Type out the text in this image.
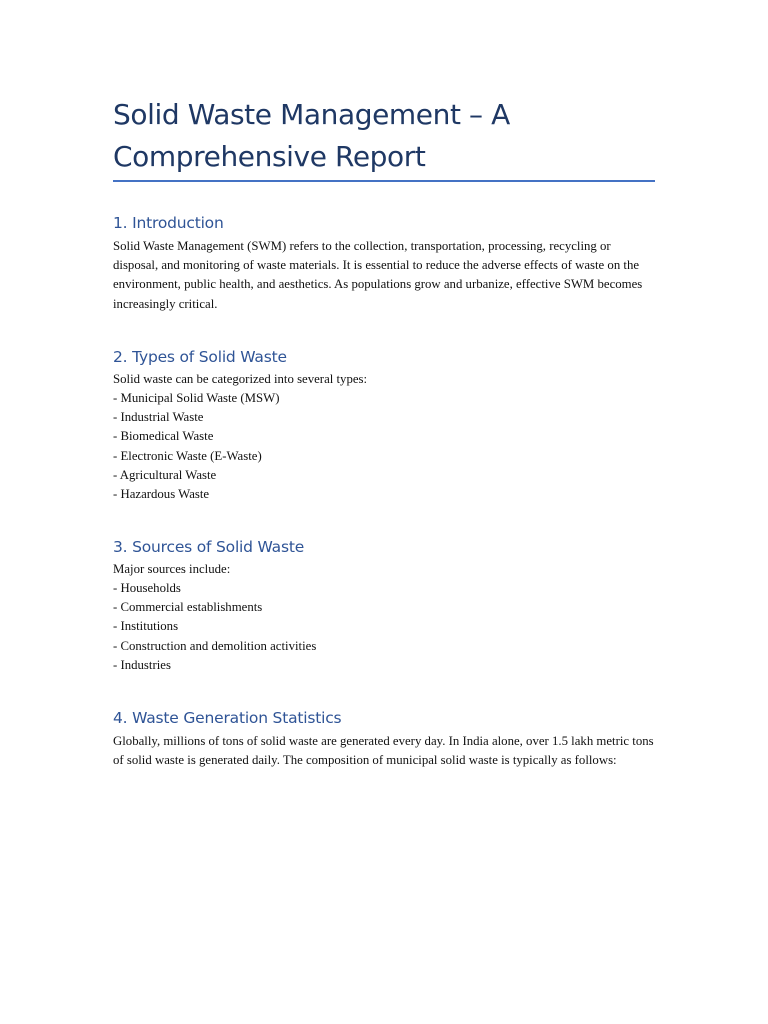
Solid Waste Management – A Comprehensive Report
1. Introduction

Solid Waste Management (SWM) refers to the collection, transportation, processing, recycling or disposal, and monitoring of waste materials. It is essential to reduce the adverse effects of waste on the environment, public health, and aesthetics. As populations grow and urbanize, effective SWM becomes increasingly critical.

2. Types of Solid Waste

Solid waste can be categorized into several types:

- Municipal Solid Waste (MSW)
- Industrial Waste
- Biomedical Waste
- Electronic Waste (E-Waste)
- Agricultural Waste
- Hazardous Waste
3. Sources of Solid Waste

Major sources include:

- Households
- Commercial establishments
- Institutions
- Construction and demolition activities
- Industries
4. Waste Generation Statistics

Globally, millions of tons of solid waste are generated every day. In India alone, over 1.5 lakh metric tons of solid waste is generated daily. The composition of municipal solid waste is typically as follows:
